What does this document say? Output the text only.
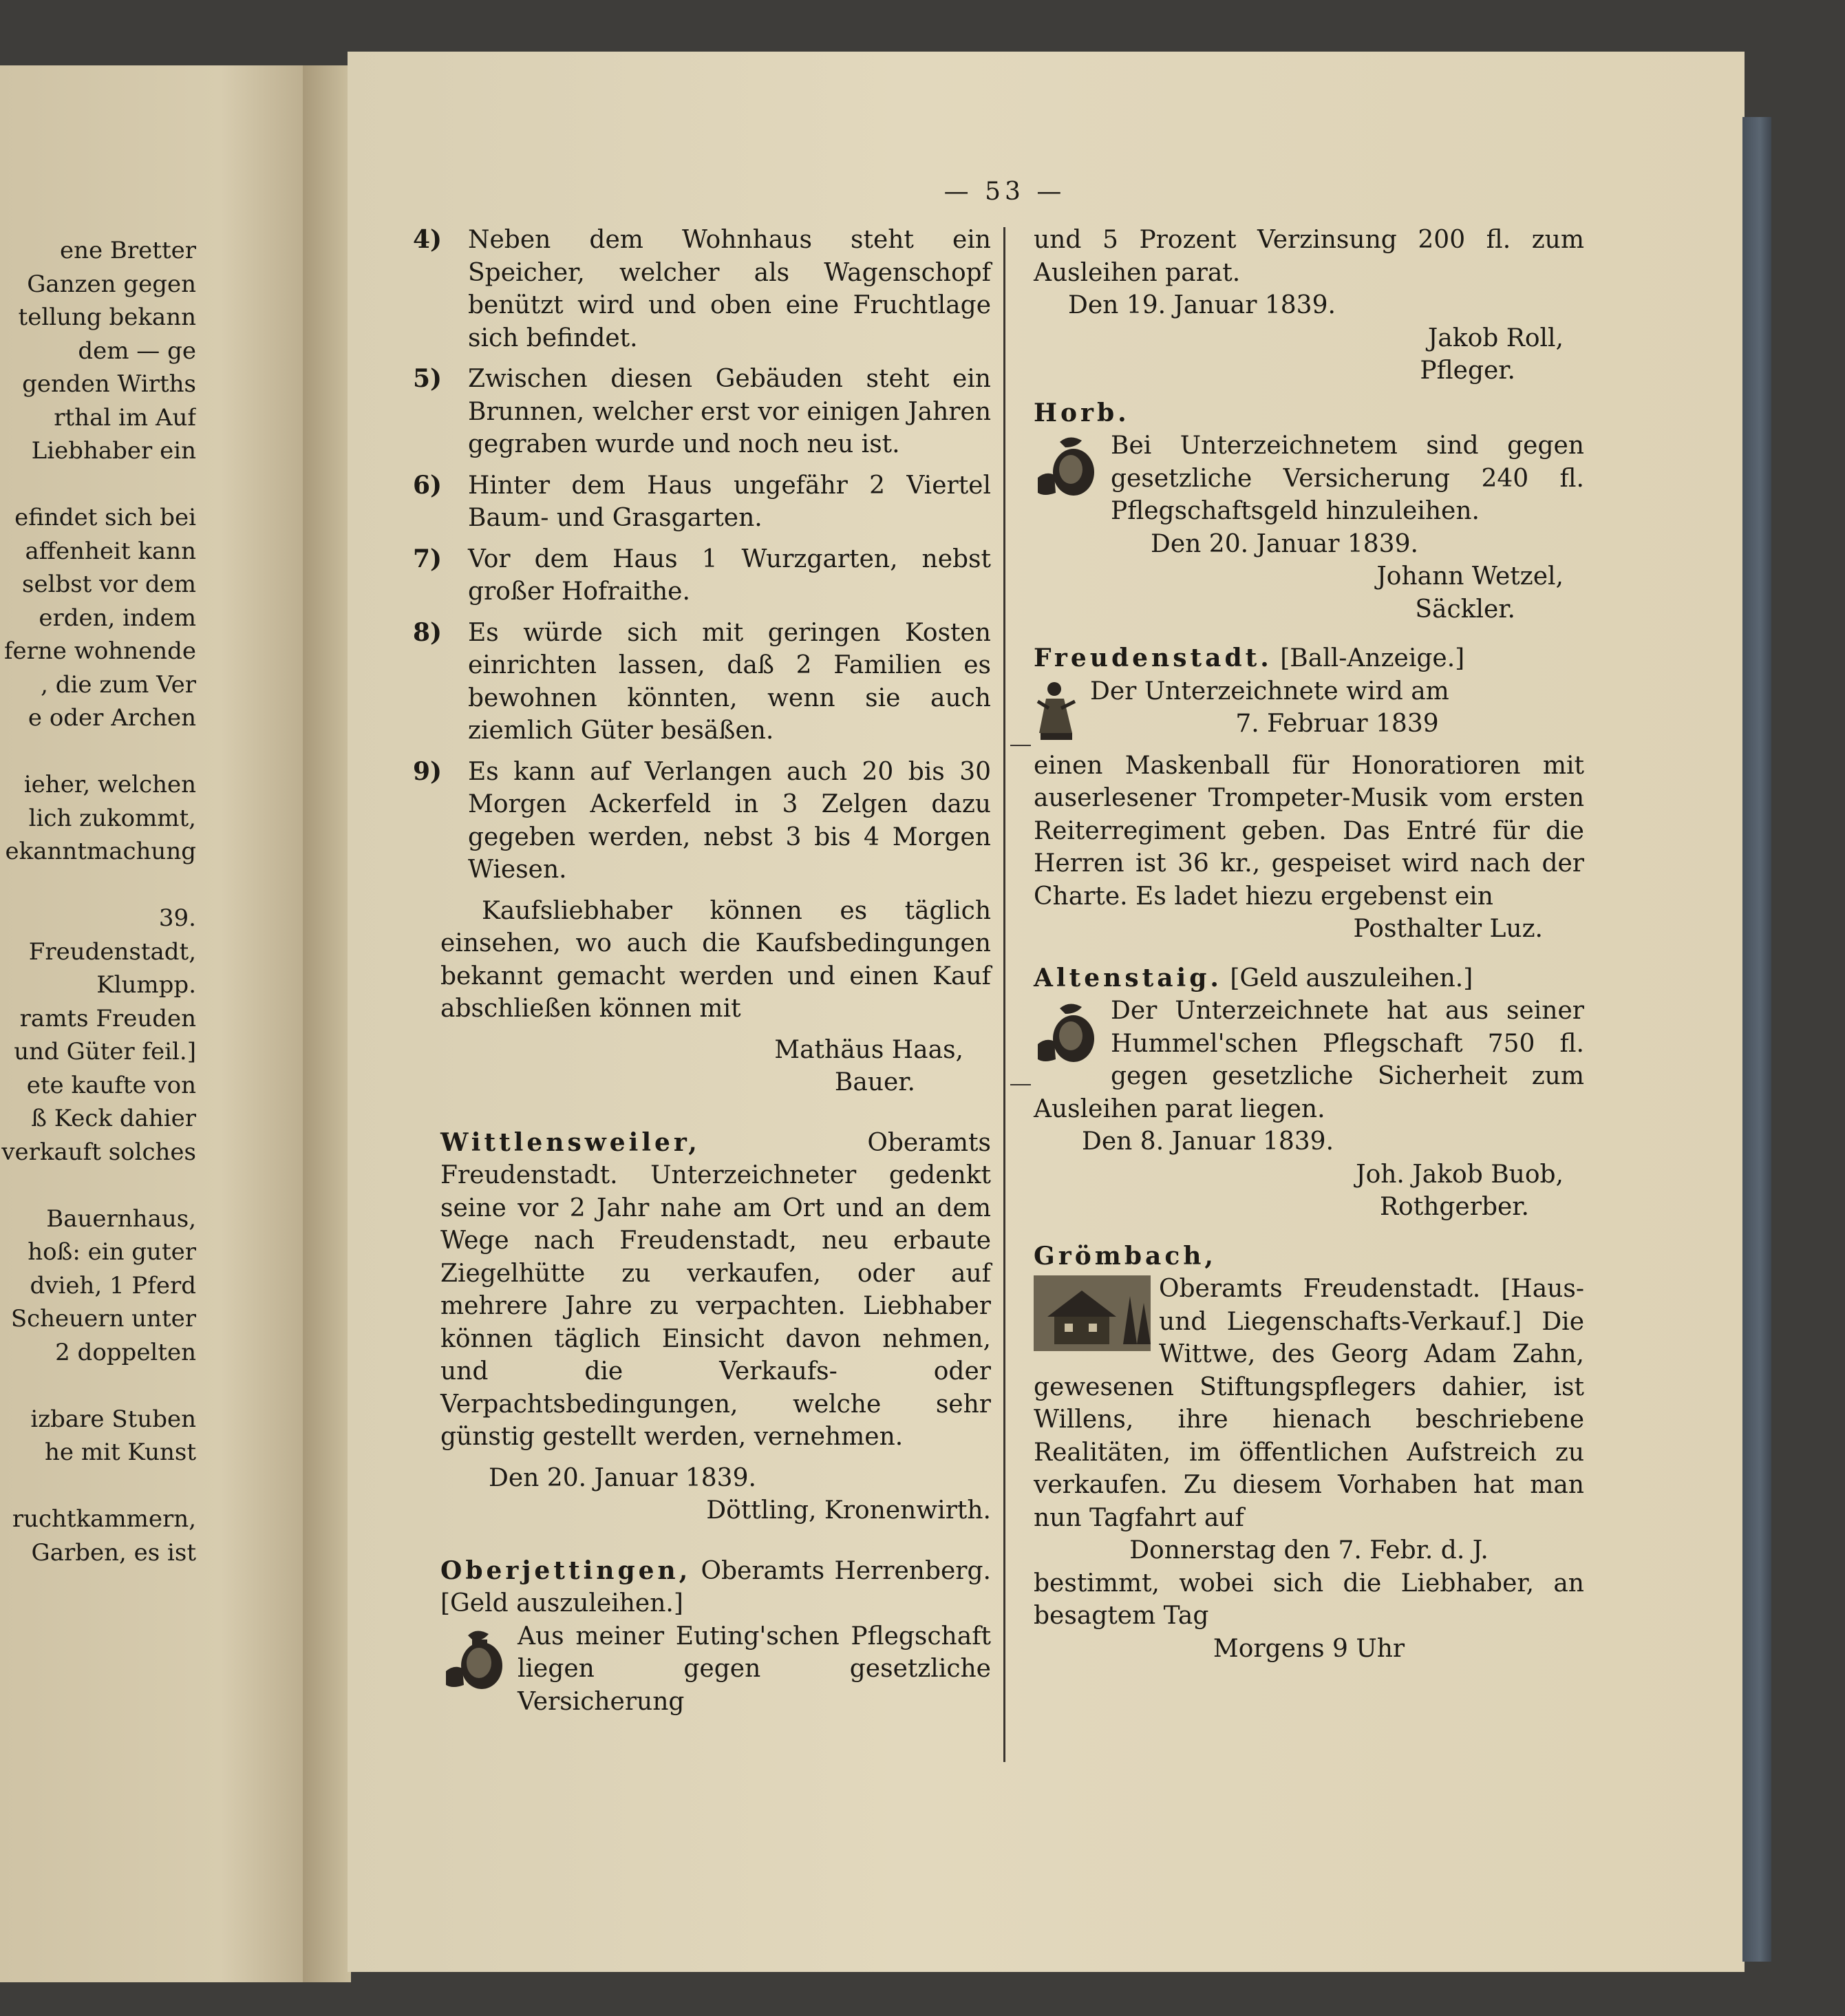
ene Bretter
Ganzen gegen
tellung bekann
dem — ge
genden Wirths
rthal im Auf
Liebhaber ein
efindet sich bei
affenheit kann
selbst vor dem
erden, indem
ferne wohnende
, die zum Ver
e oder Archen
ieher, welchen
lich zukommt,
ekanntmachung
39.
Freudenstadt,
Klumpp.
ramts Freuden
und Güter feil.]
ete kaufte von
ß Keck dahier
verkauft solches
Bauernhaus,
hoß: ein guter
dvieh, 1 Pferd
Scheuern unter
2 doppelten
izbare Stuben
he mit Kunst
ruchtkammern,
Garben, es ist
— 53 —

4) Neben dem Wohnhaus steht ein Speicher, welcher als Wagenschopf benützt wird und oben eine Fruchtlage sich befindet.

5) Zwischen diesen Gebäuden steht ein Brunnen, welcher erst vor einigen Jahren gegraben wurde und noch neu ist.

6) Hinter dem Haus ungefähr 2 Viertel Baum- und Grasgarten.

7) Vor dem Haus 1 Wurzgarten, nebst großer Hofraithe.

8) Es würde sich mit geringen Kosten einrichten lassen, daß 2 Familien es bewohnen könnten, wenn sie auch ziemlich Güter besäßen.

9) Es kann auf Verlangen auch 20 bis 30 Morgen Ackerfeld in 3 Zelgen dazu gegeben werden, nebst 3 bis 4 Morgen Wiesen.

Kaufsliebhaber können es täglich einsehen, wo auch die Kaufsbedingungen bekannt gemacht werden und einen Kauf abschließen können mit

Mathäus Haas,

Bauer.

Wittlensweiler,	Oberamts Freudenstadt. Unterzeichneter gedenkt seine vor 2 Jahr nahe am Ort und an dem Wege nach Freudenstadt, neu erbaute Ziegelhütte zu verkaufen, oder auf mehrere Jahre zu verpachten. Liebhaber können täglich Einsicht davon nehmen, und die Verkaufs- oder Verpachtsbedingungen, welche sehr günstig gestellt werden, vernehmen.

Den 20. Januar 1839.

Döttling, Kronenwirth.

Oberjettingen, Oberamts Herrenberg. [Geld auszuleihen.]

Aus meiner Euting'schen Pflegschaft liegen gegen gesetzliche Versicherung

und 5 Prozent Verzinsung 200 fl. zum Ausleihen parat.

Den 19. Januar 1839.

Jakob Roll,

Pfleger.

Horb.

Bei Unterzeichnetem sind gegen gesetzliche Versicherung 240 fl. Pflegschaftsgeld hinzuleihen.

Den 20. Januar 1839.

Johann Wetzel,

Säckler.

Freudenstadt. [Ball-Anzeige.]

Der Unterzeichnete wird am

7. Februar 1839

einen Maskenball für Honoratioren mit auserlesener Trompeter-Musik vom ersten Reiterregiment geben. Das Entré für die Herren ist 36 kr., gespeiset wird nach der Charte. Es ladet hiezu ergebenst ein

Posthalter Luz.

Altenstaig. [Geld auszuleihen.]

Der Unterzeichnete hat aus seiner Hummel'schen Pflegschaft 750 fl. gegen gesetzliche Sicherheit zum Ausleihen parat liegen.

Den 8. Januar 1839.

Joh. Jakob Buob,

Rothgerber.

Grömbach,

Oberamts Freudenstadt. [Haus- und Liegenschafts-Verkauf.] Die Wittwe, des Georg Adam Zahn, gewesenen Stiftungspflegers dahier, ist Willens, ihre hienach beschriebene Realitäten, im öffentlichen Aufstreich zu verkaufen. Zu diesem Vorhaben hat man nun Tagfahrt auf

Donnerstag den 7. Febr. d. J.

bestimmt, wobei sich die Liebhaber, an besagtem Tag

Morgens 9 Uhr
